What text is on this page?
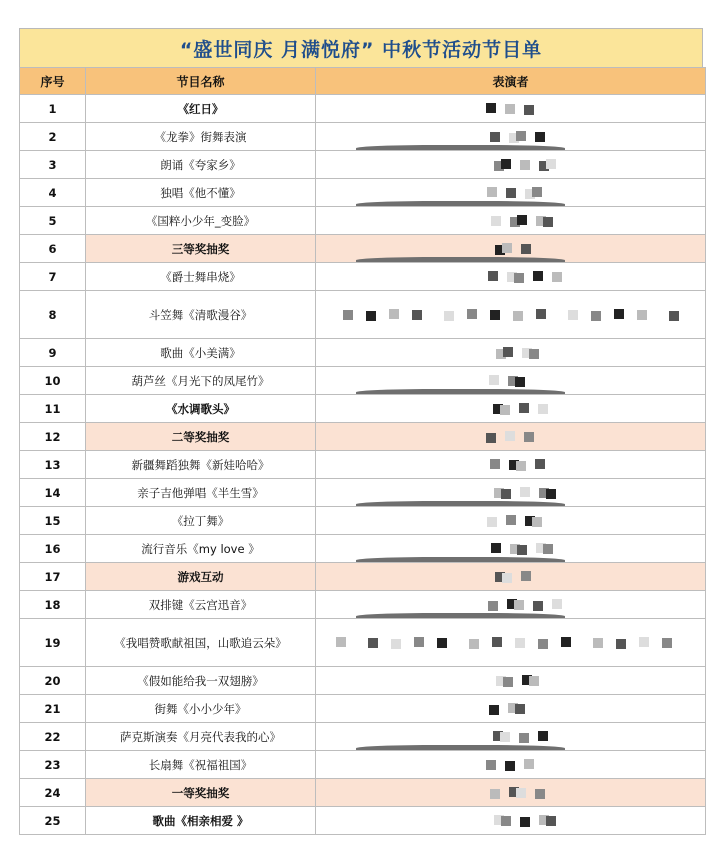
“盛世同庆 月满悦府” 中秋节活动节目单
序号	节目名称	表演者
1	《红日》	

2	《龙拳》街舞表演	

3	朗诵《夸家乡》	

4	独唱《他不懂》	

5	《国粹小少年_变脸》	

6	三等奖抽奖	

7	《爵士舞串烧》	

8	斗笠舞《清歌漫谷》	

9	歌曲《小美满》	

10	葫芦丝《月光下的凤尾竹》	

11	《水调歌头》	

12	二等奖抽奖	

13	新疆舞蹈独舞《新娃哈哈》	

14	亲子吉他弹唱《半生雪》	

15	《拉丁舞》	

16	流行音乐《my love 》	

17	游戏互动	

18	双排键《云宫迅音》	

19	《我唱赞歌献祖国，山歌追云朵》	

20	《假如能给我一双翅膀》	

21	街舞《小小少年》	

22	萨克斯演奏《月亮代表我的心》	

23	长扇舞《祝福祖国》	

24	一等奖抽奖	

25	歌曲《相亲相爱 》	
